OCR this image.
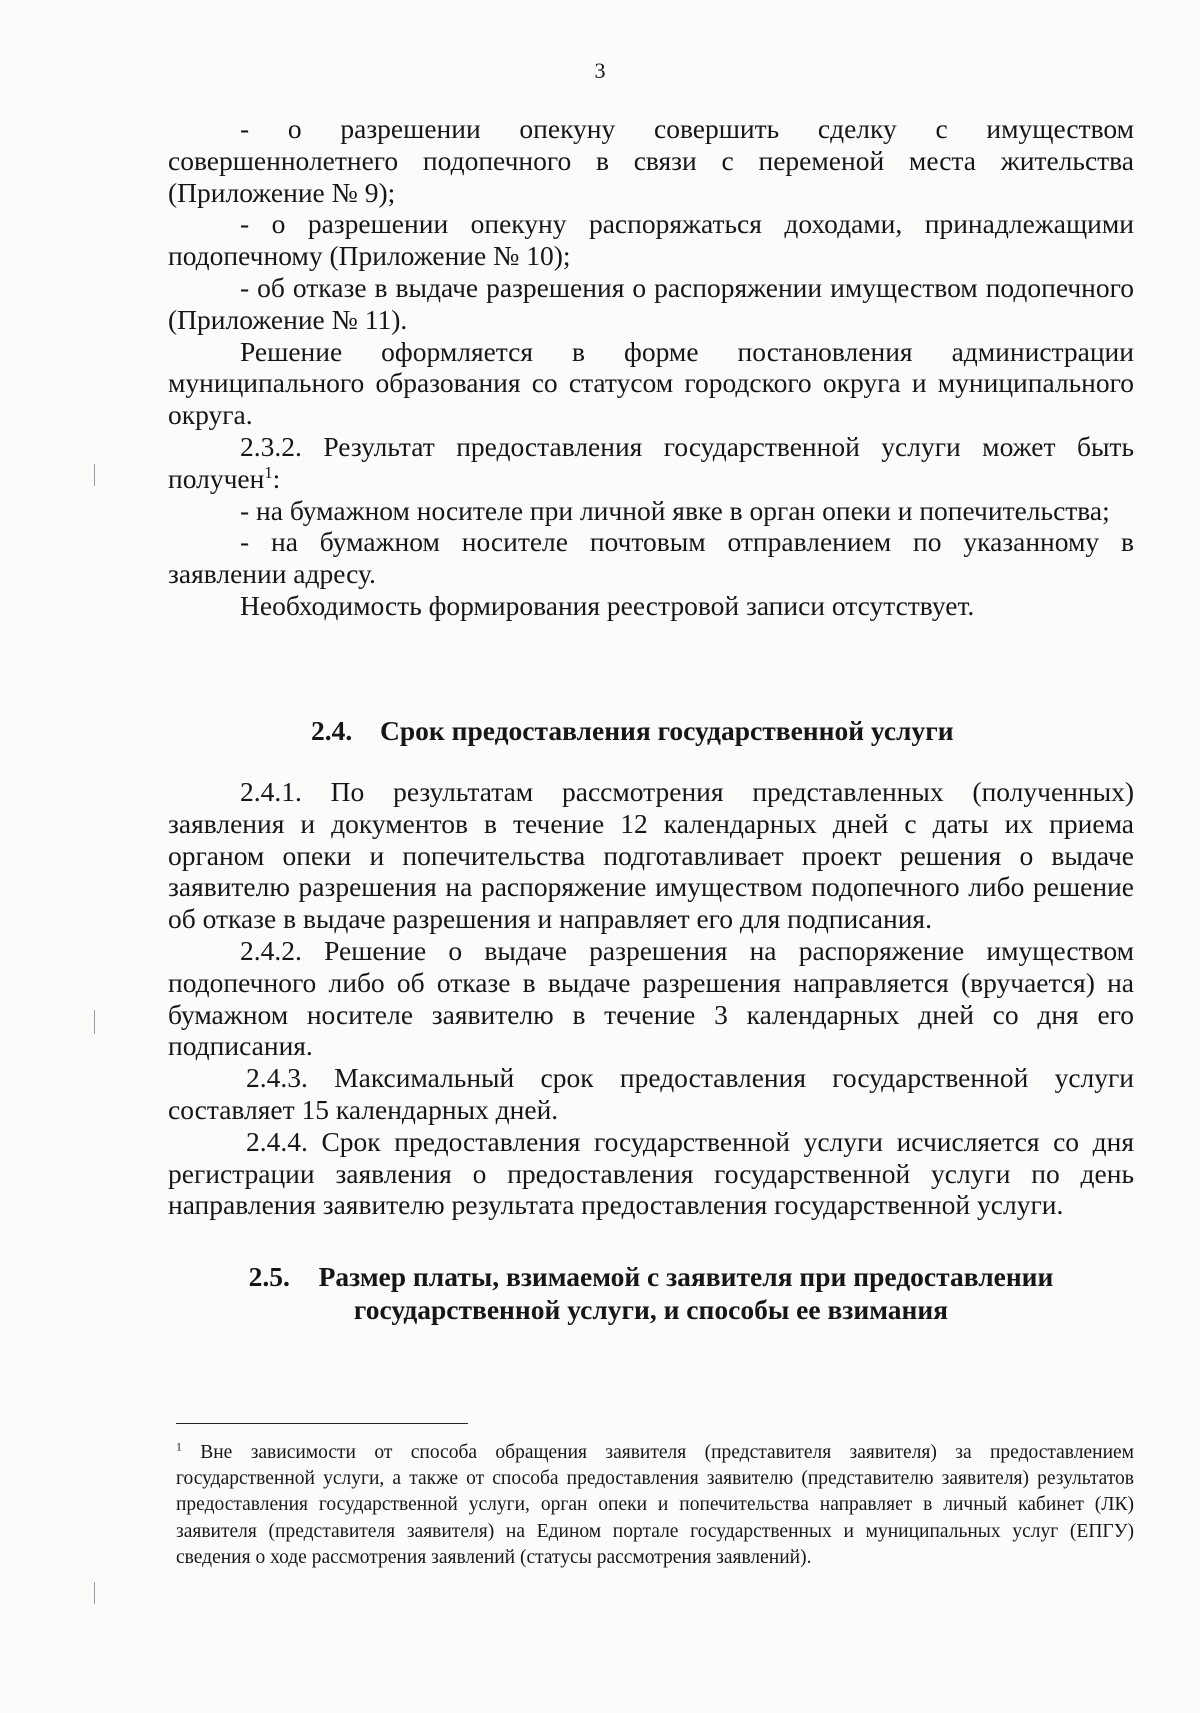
3

- о разрешении опекуну совершить сделку с имуществом совершеннолетнего подопечного в связи с переменой места жительства (Приложение № 9);

- о разрешении опекуну распоряжаться доходами, принадлежащими подопечному (Приложение № 10);

- об отказе в выдаче разрешения о распоряжении имуществом подопечного (Приложение № 11).

Решение оформляется в форме постановления администрации муниципального образования со статусом городского округа и муниципального округа.

2.3.2. Результат предоставления государственной услуги может быть получен$^1$:

- на бумажном носителе при личной явке в орган опеки и попечительства;

- на бумажном носителе почтовым отправлением по указанному в заявлении адресу.

Необходимость формирования реестровой записи отсутствует.

2.4. Срок предоставления государственной услуги

2.4.1. По результатам рассмотрения представленных (полученных) заявления и документов в течение 12 календарных дней с даты их приема органом опеки и попечительства подготавливает проект решения о выдаче заявителю разрешения на распоряжение имуществом подопечного либо решение об отказе в выдаче разрешения и направляет его для подписания.

2.4.2. Решение о выдаче разрешения на распоряжение имуществом подопечного либо об отказе в выдаче разрешения направляется (вручается) на бумажном носителе заявителю в течение 3 календарных дней со дня его подписания.

2.4.3. Максимальный срок предоставления государственной услуги составляет 15 календарных дней.

2.4.4. Срок предоставления государственной услуги исчисляется со дня регистрации заявления о предоставления государственной услуги по день направления заявителю результата предоставления государственной услуги.

2.5. Размер платы, взимаемой с заявителя при предоставлении
государственной услуги, и способы ее взимания
$^1$ Вне зависимости от способа обращения заявителя (представителя заявителя) за предоставлением государственной услуги, а также от способа предоставления заявителю (представителю заявителя) результатов предоставления государственной услуги, орган опеки и попечительства направляет в личный кабинет (ЛК) заявителя (представителя заявителя) на Едином портале государственных и муниципальных услуг (ЕПГУ) сведения о ходе рассмотрения заявлений (статусы рассмотрения заявлений).
